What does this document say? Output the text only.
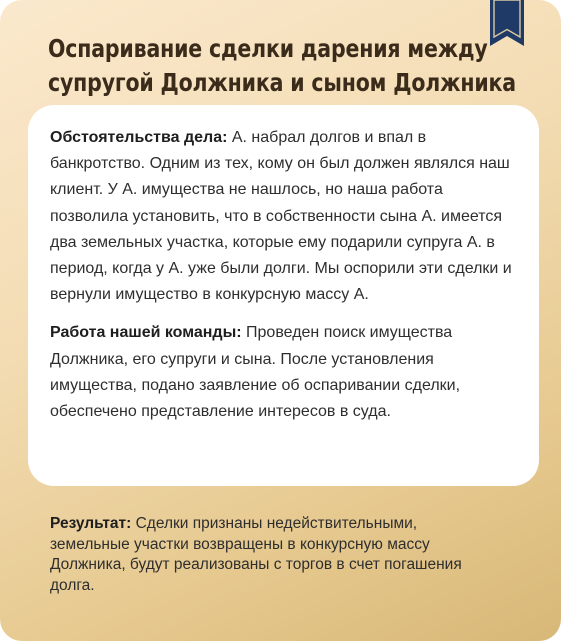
Оспаривание сделки дарения между
супругой Должника и сыном Должника

Обстоятельства дела: А. набрал долгов и впал в банкротство. Одним из тех, кому он был должен являлся наш клиент. У А. имущества не нашлось, но наша работа позволила установить, что в собственности сына А. имеется два земельных участка, которые ему подарили супруга А. в период, когда у А. уже были долги. Мы оспорили эти сделки и вернули имущество в конкурсную массу А.

Работа нашей команды: Проведен поиск имущества Должника, его супруги и сына. После установления имущества, подано заявление об оспаривании сделки, обеспечено представление интересов в суда.

Результат: Сделки признаны недействительными, земельные участки возвращены в конкурсную массу Должника, будут реализованы с торгов в счет погашения долга.
